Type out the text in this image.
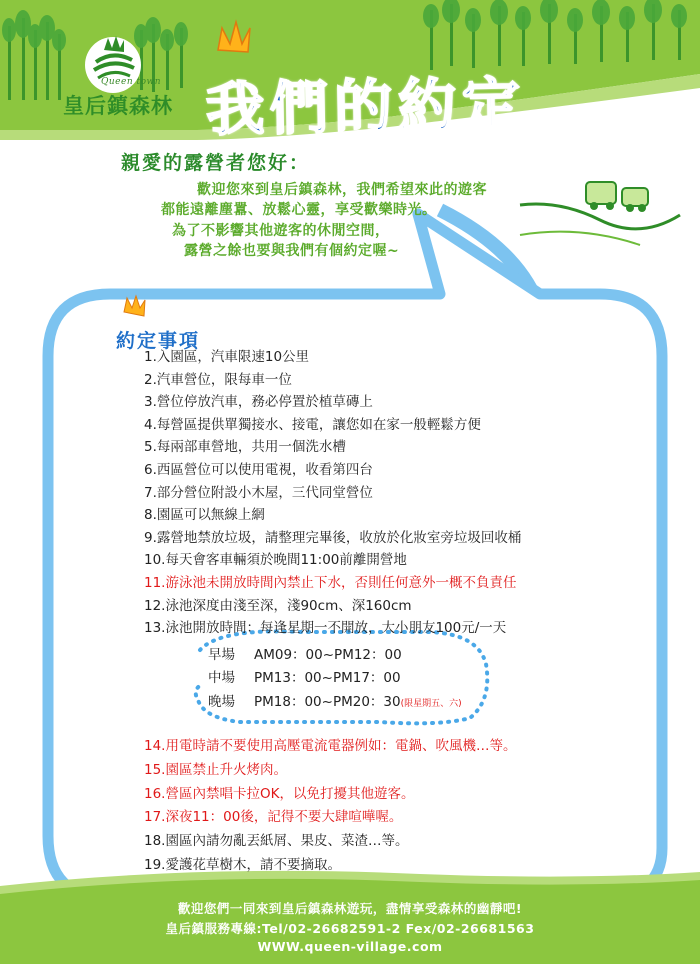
Queen town
皇后鎮森林 我們的約定
親愛的露營者您好：
歡迎您來到皇后鎮森林，我們希望來此的遊客
都能遠離塵囂、放鬆心靈，享受歡樂時光。
為了不影響其他遊客的休閒空間，
露營之餘也要與我們有個約定喔~
約定事項
1.入園區，汽車限速10公里
2.汽車營位，限每車一位
3.營位停放汽車，務必停置於植草磚上
4.每營區提供單獨接水、接電，讓您如在家一般輕鬆方便
5.每兩部車營地，共用一個洗水槽
6.西區營位可以使用電視，收看第四台
7.部分營位附設小木屋，三代同堂營位
8.園區可以無線上網
9.露營地禁放垃圾，請整理完畢後，收放於化妝室旁垃圾回收桶
10.每天會客車輛須於晚間11:00前離開營地
11.游泳池未開放時間內禁止下水，否則任何意外一概不負責任
12.泳池深度由淺至深，淺90cm、深160cm
13.泳池開放時間：每逢星期一不開放，大小朋友100元/一天
早場 AM09：00~PM12：00
中場 PM13：00~PM17：00
晚場 PM18：00~PM20：30(限星期五、六)
14.用電時請不要使用高壓電流電器例如：電鍋、吹風機…等。
15.園區禁止升火烤肉。
16.營區內禁唱卡拉OK，以免打擾其他遊客。
17.深夜11：00後，記得不要大肆喧嘩喔。
18.園區內請勿亂丟紙屑、果皮、菜渣…等。
19.愛護花草樹木，請不要摘取。
歡迎您們一同來到皇后鎮森林遊玩，盡情享受森林的幽靜吧!
皇后鎮服務專線:Tel/02-26682591-2 Fex/02-26681563
WWW.queen-village.com
